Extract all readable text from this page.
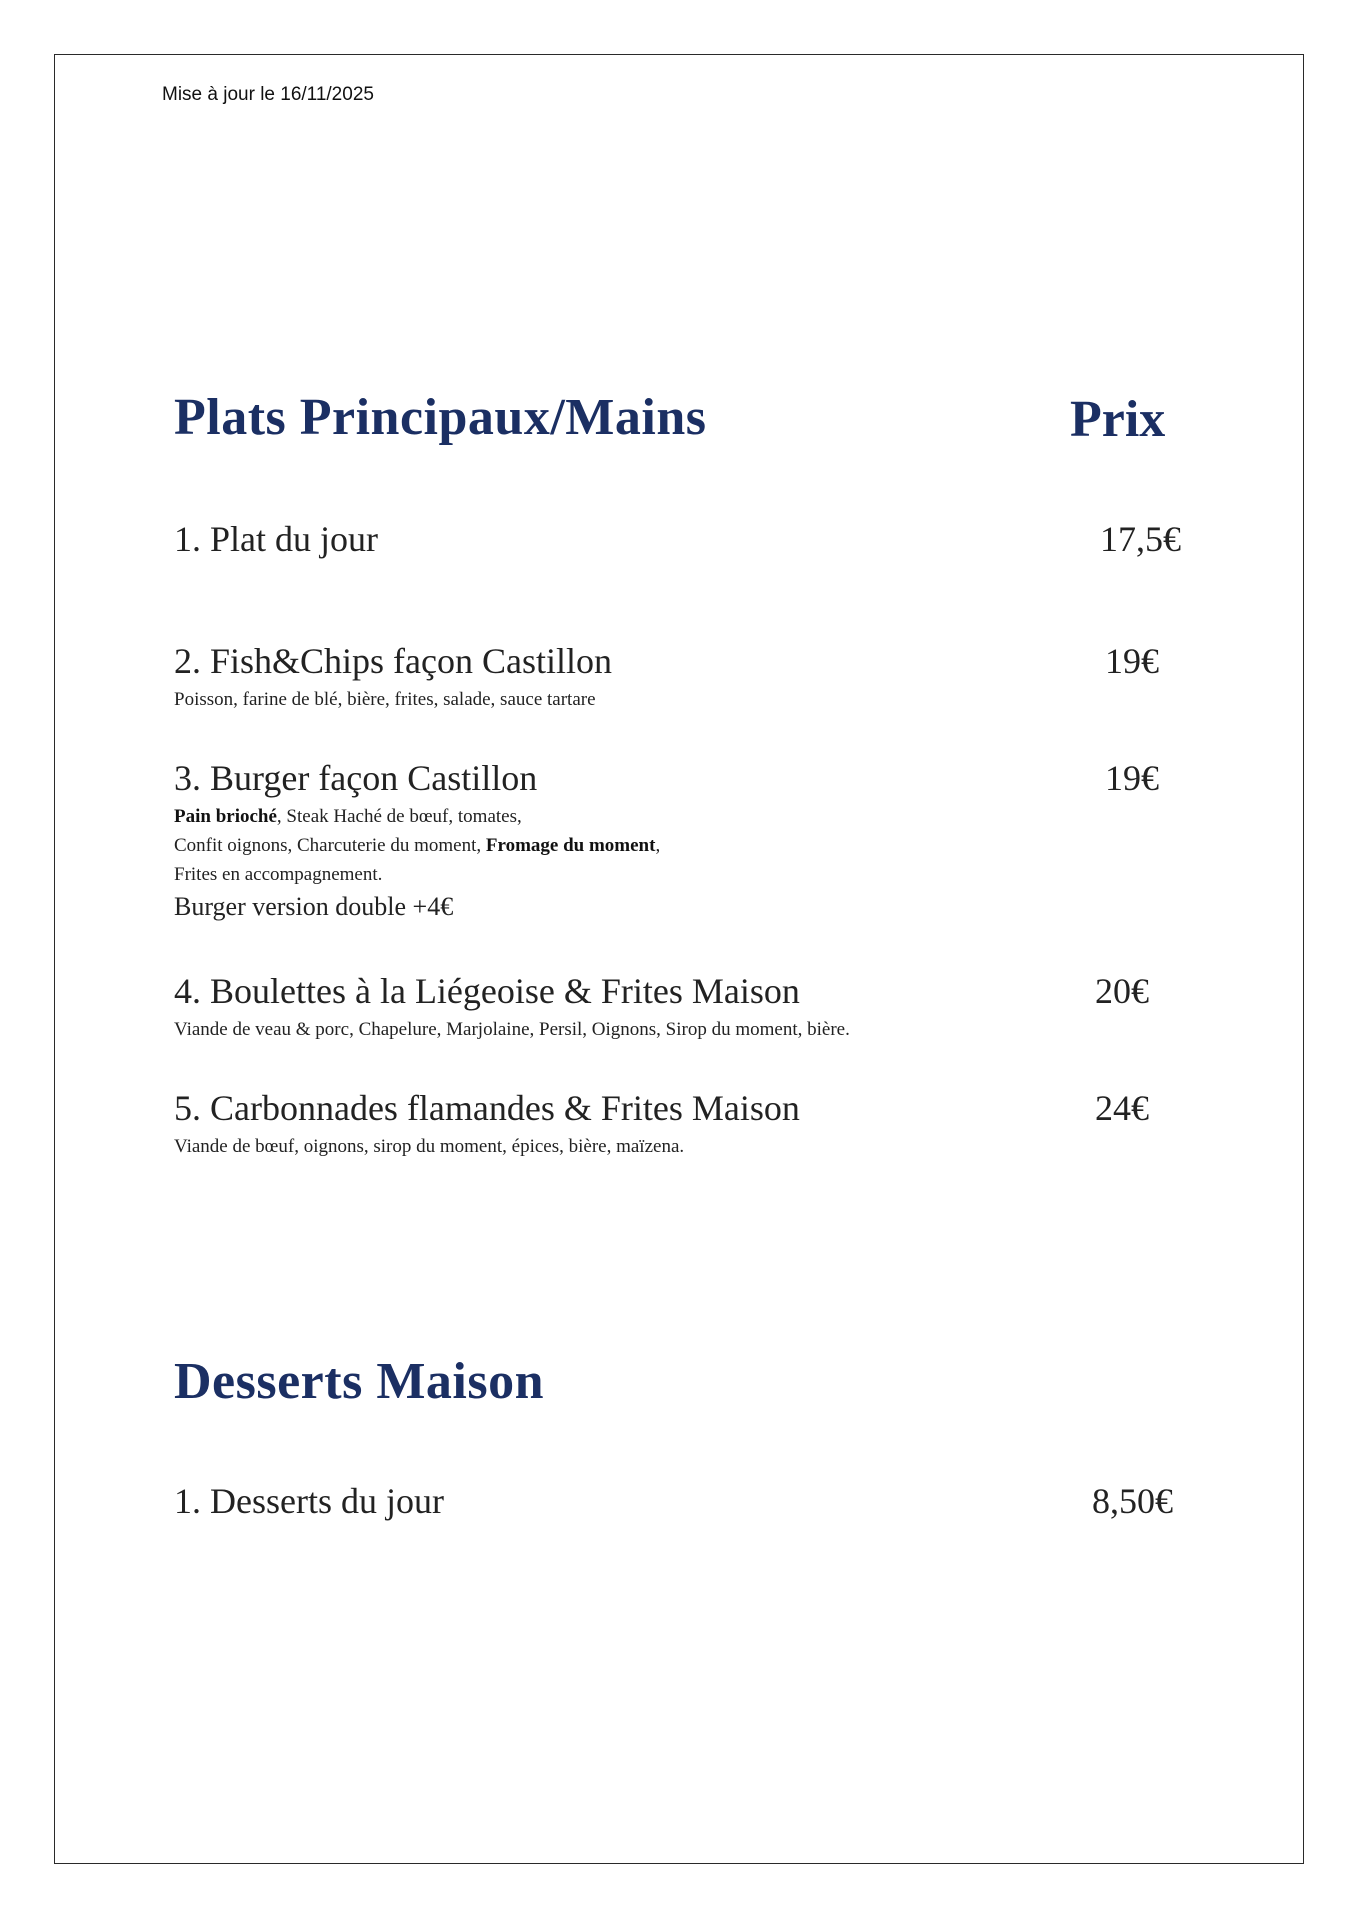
Mise à jour le 16/11/2025
Plats Principaux/Mains	Prix
1. Plat du jour	17,5€
2. Fish&Chips façon Castillon	19€
Poisson, farine de blé, bière, frites, salade, sauce tartare
3. Burger façon Castillon	19€
Pain brioché, Steak Haché de bœuf, tomates,
Confit oignons, Charcuterie du moment, Fromage du moment,
Frites en accompagnement.
Burger version double +4€
4. Boulettes à la Liégeoise & Frites Maison	20€
Viande de veau & porc, Chapelure, Marjolaine, Persil, Oignons, Sirop du moment, bière.
5. Carbonnades flamandes & Frites Maison	24€
Viande de bœuf, oignons, sirop du moment, épices, bière, maïzena.
Desserts Maison
1. Desserts du jour	8,50€
